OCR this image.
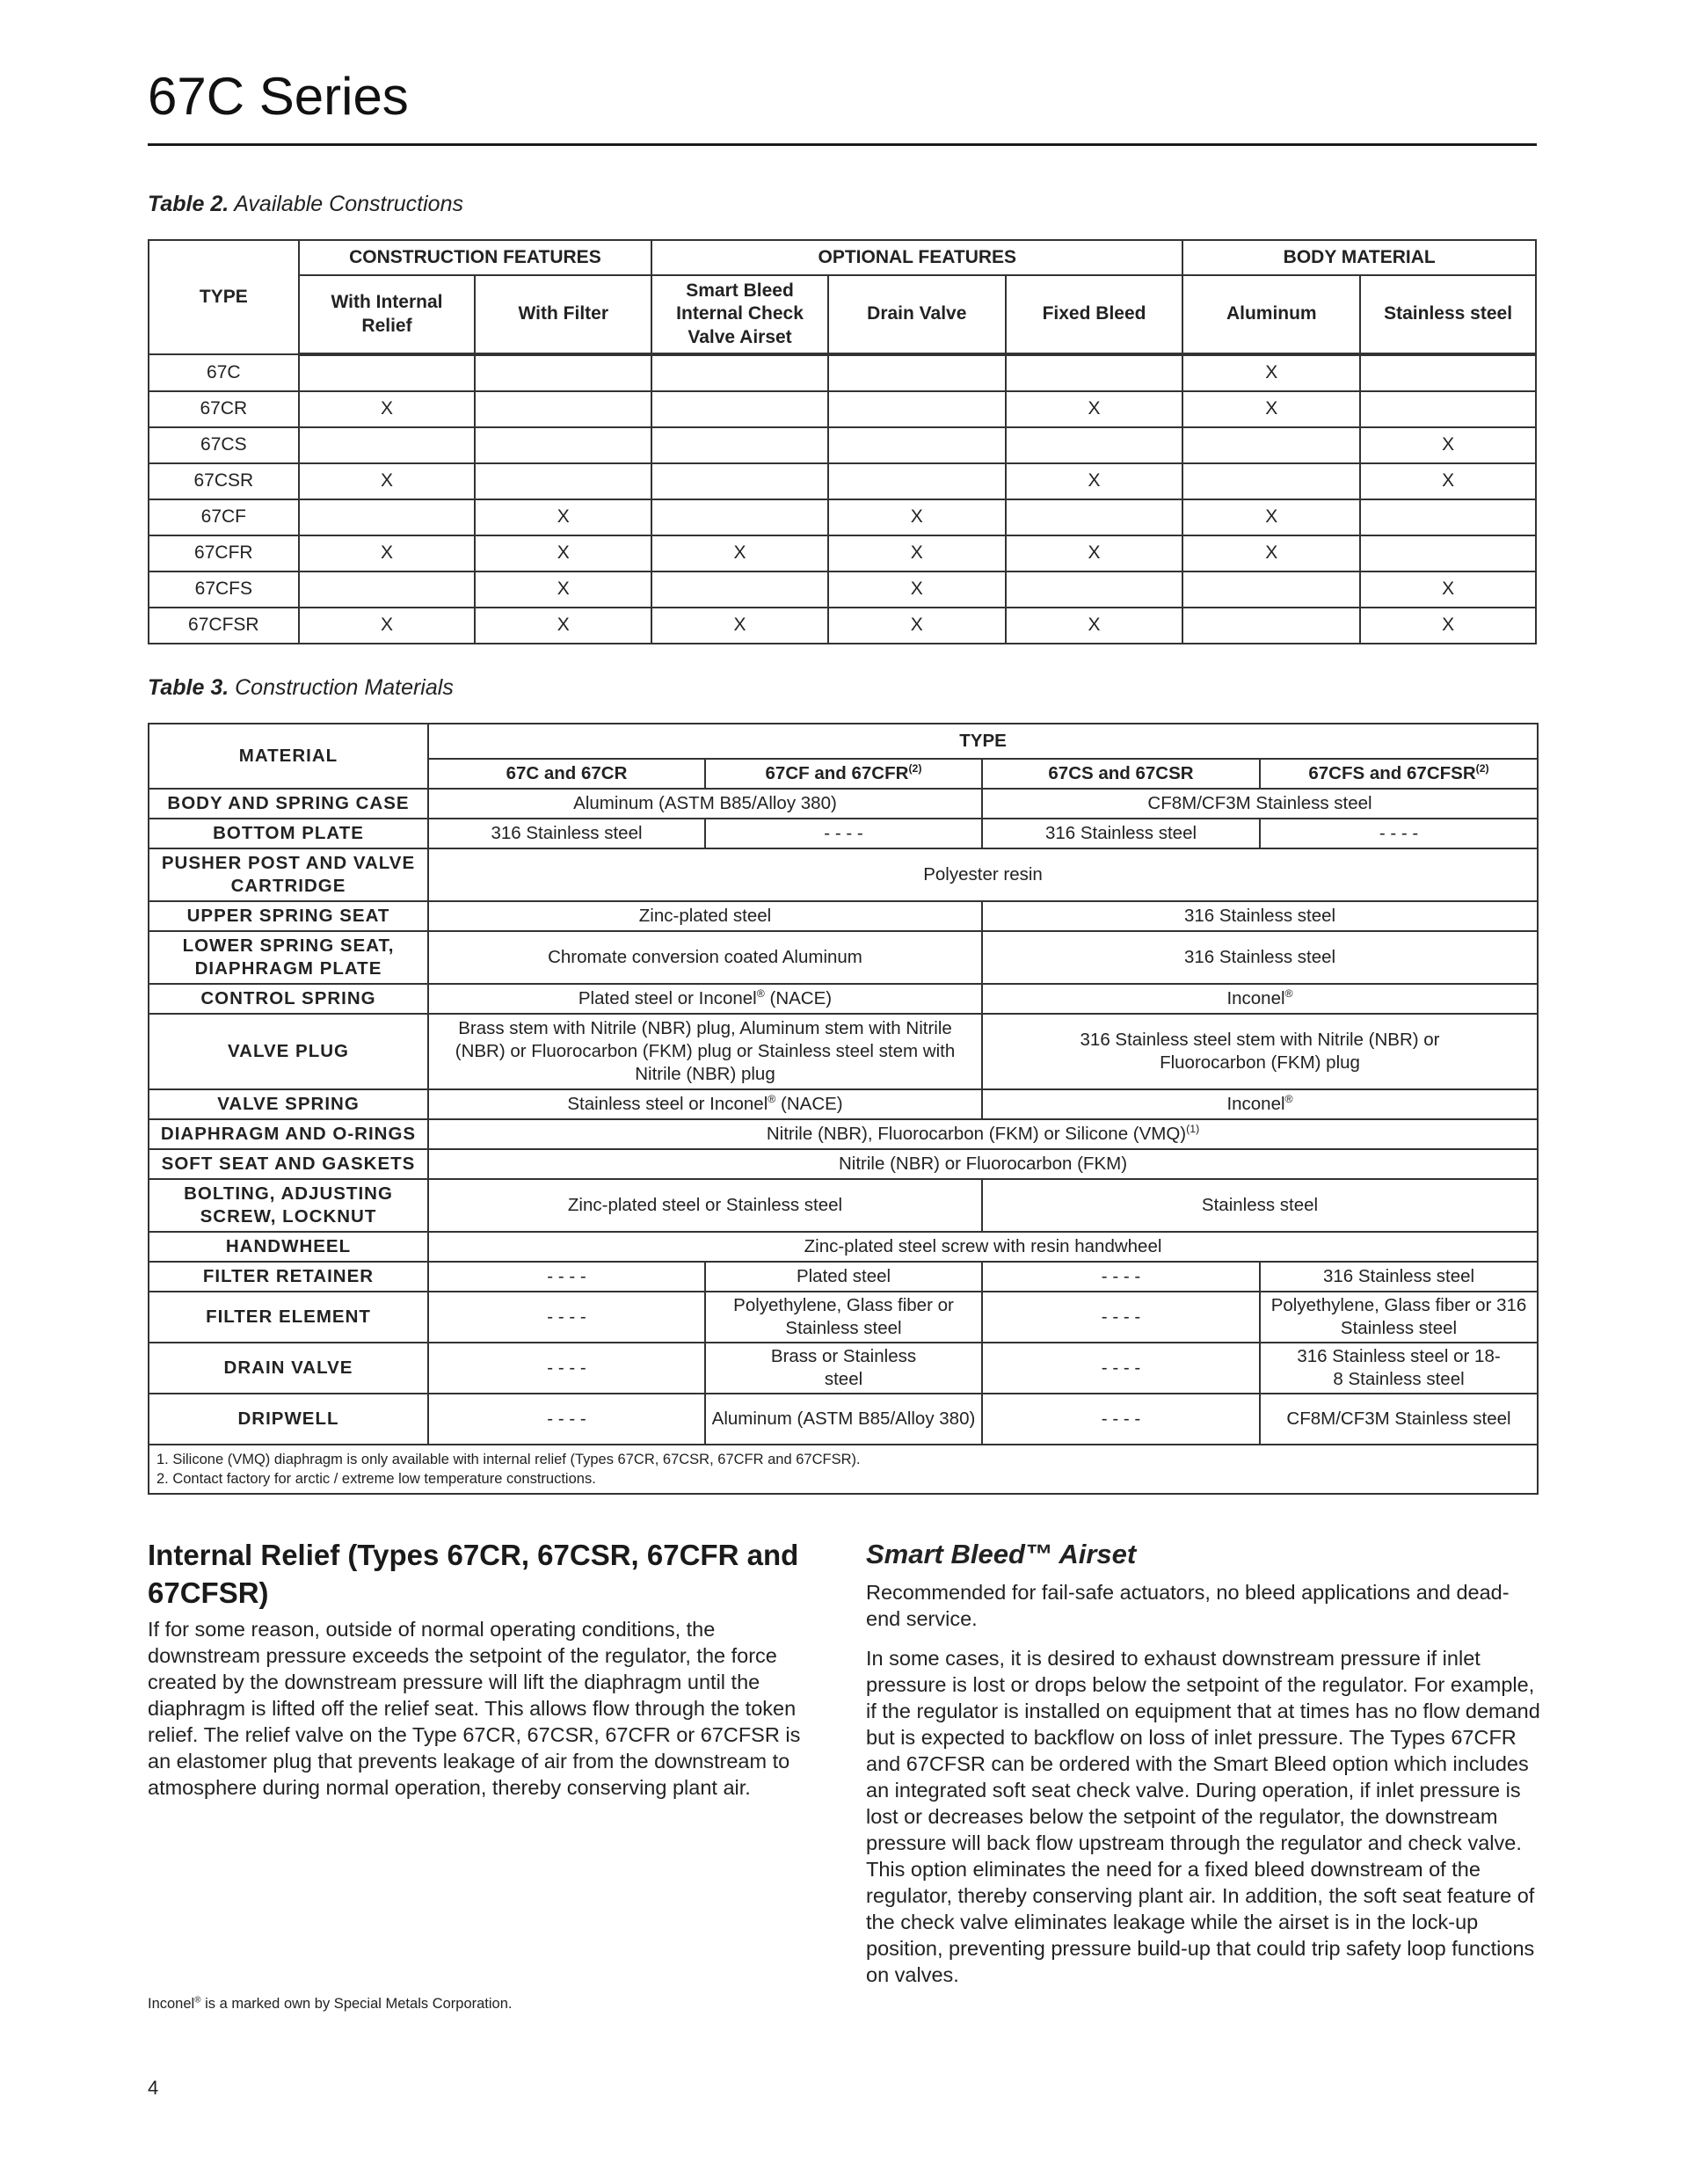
67C Series
Table 2. Available Constructions
TYPE	CONSTRUCTION FEATURES		OPTIONAL FEATURES			BODY MATERIAL	
	With Internal Relief	With Filter	Smart Bleed Internal Check Valve Airset	Drain Valve	Fixed Bleed	Aluminum	Stainless steel
67C						X	
67CR	X				X	X	
67CS							X
67CSR	X				X		X
67CF		X		X		X	
67CFR	X	X	X	X	X	X	
67CFS		X		X			X
67CFSR	X	X	X	X	X		X
Table 3. Construction Materials
MATERIAL	TYPE			
	67C and 67CR	67CF and 67CFR$^{(2)}$	67CS and 67CSR	67CFS and 67CFSR$^{(2)}$
BODY AND SPRING CASE	Aluminum (ASTM B85/Alloy 380)		CF8M/CF3M Stainless steel	
BOTTOM PLATE	316 Stainless steel	- - - -	316 Stainless steel	- - - -
PUSHER POST AND VALVE CARTRIDGE	Polyester resin			
UPPER SPRING SEAT	Zinc-plated steel		316 Stainless steel	
LOWER SPRING SEAT, DIAPHRAGM PLATE	Chromate conversion coated Aluminum		316 Stainless steel	
CONTROL SPRING	Plated steel or Inconel® (NACE)		Inconel®
VALVE PLUG	Brass stem with Nitrile (NBR) plug, Aluminum stem with Nitrile (NBR) or Fluorocarbon (FKM) plug or Stainless steel stem with Nitrile (NBR) plug		316 Stainless steel stem with Nitrile (NBR) or Fluorocarbon (FKM) plug	
VALVE SPRING	Stainless steel or Inconel® (NACE)		Inconel®
DIAPHRAGM AND O-RINGS	Nitrile (NBR), Fluorocarbon (FKM) or Silicone (VMQ)$^{(1)}$
SOFT SEAT AND GASKETS	Nitrile (NBR) or Fluorocarbon (FKM)			
BOLTING, ADJUSTING SCREW, LOCKNUT	Zinc-plated steel or Stainless steel		Stainless steel	
HANDWHEEL	Zinc-plated steel screw with resin handwheel			
FILTER RETAINER	- - - -	Plated steel	- - - -	316 Stainless steel
FILTER ELEMENT	- - - -	Polyethylene, Glass fiber or Stainless steel	- - - -	Polyethylene, Glass fiber or 316 Stainless steel
DRAIN VALVE	- - - -	Brass or Stainless steel	- - - -	316 Stainless steel or 18-8 Stainless steel
DRIPWELL	- - - -	Aluminum (ASTM B85/Alloy 380)	- - - -	CF8M/CF3M Stainless steel

1. Silicone (VMQ) diaphragm is only available with internal relief (Types 67CR, 67CSR, 67CFR and 67CFSR).
2. Contact factory for arctic / extreme low temperature constructions.				
Internal Relief (Types 67CR, 67CSR, 67CFR and 67CFSR)

If for some reason, outside of normal operating conditions, the downstream pressure exceeds the setpoint of the regulator, the force created by the downstream pressure will lift the diaphragm until the diaphragm is lifted off the relief seat. This allows flow through the token relief. The relief valve on the Type 67CR, 67CSR, 67CFR or 67CFSR is an elastomer plug that prevents leakage of air from the downstream to atmosphere during normal operation, thereby conserving plant air.

Smart Bleed™ Airset

Recommended for fail-safe actuators, no bleed applications and dead-end service.

In some cases, it is desired to exhaust downstream pressure if inlet pressure is lost or drops below the setpoint of the regulator. For example, if the regulator is installed on equipment that at times has no flow demand but is expected to backflow on loss of inlet pressure. The Types 67CFR and 67CFSR can be ordered with the Smart Bleed option which includes an integrated soft seat check valve. During operation, if inlet pressure is lost or decreases below the setpoint of the regulator, the downstream pressure will back flow upstream through the regulator and check valve. This option eliminates the need for a fixed bleed downstream of the regulator, thereby conserving plant air. In addition, the soft seat feature of the check valve eliminates leakage while the airset is in the lock-up position, preventing pressure build-up that could trip safety loop functions on valves.

Inconel® is a marked own by Special Metals Corporation.
4
